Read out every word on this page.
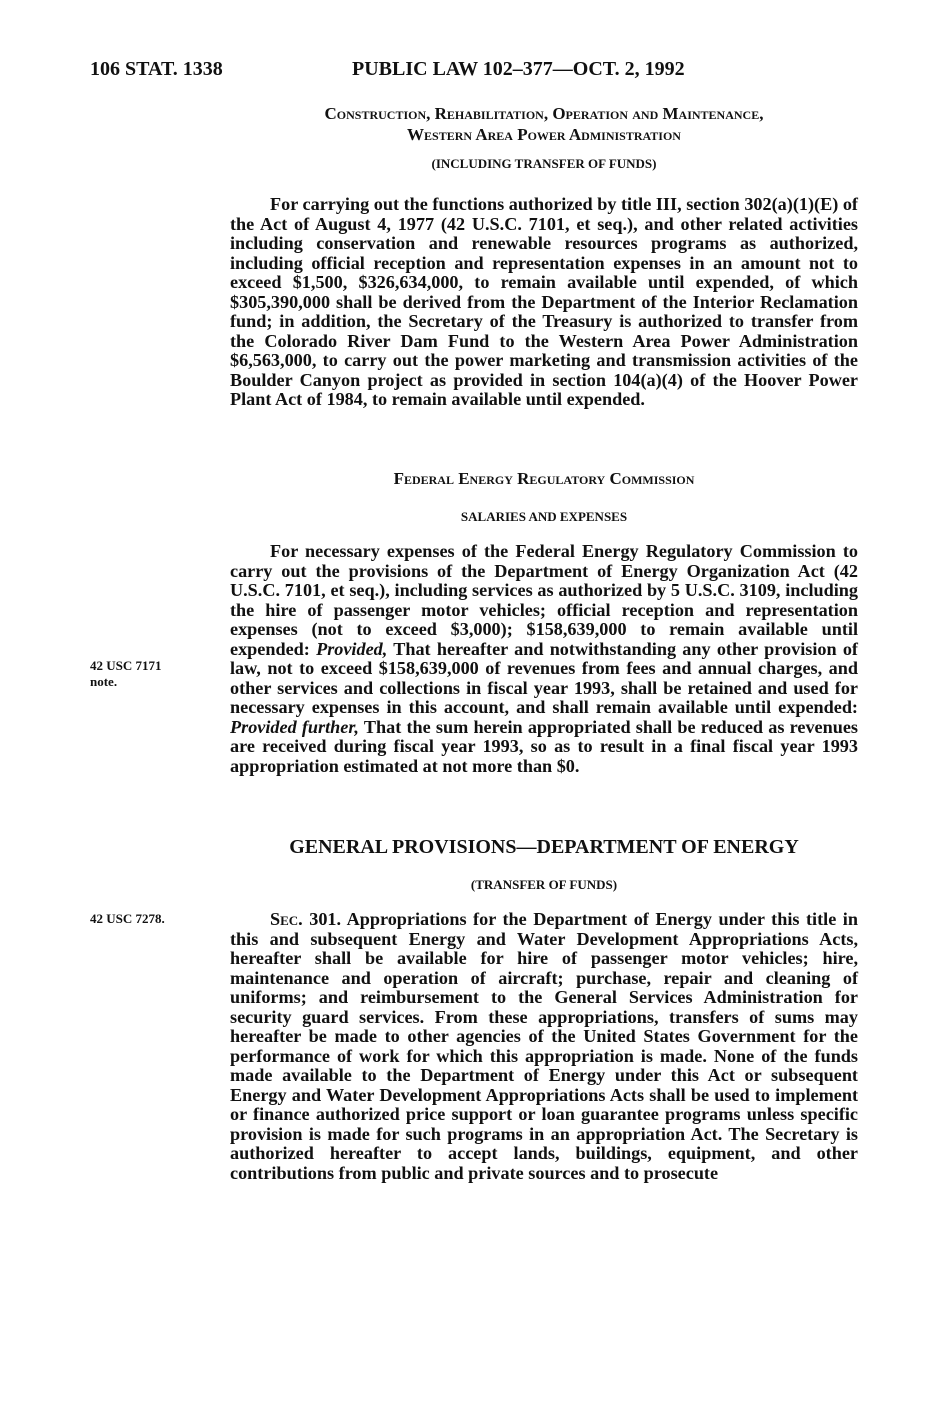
106 STAT. 1338	PUBLIC LAW 102–377—OCT. 2, 1992

Construction, Rehabilitation, Operation and Maintenance,
Western Area Power Administration

(INCLUDING TRANSFER OF FUNDS)

For carrying out the functions authorized by title III, section 302(a)(1)(E) of the Act of August 4, 1977 (42 U.S.C. 7101, et seq.), and other related activities including conservation and renewable resources programs as authorized, including official reception and representation expenses in an amount not to exceed $1,500, $326,634,000, to remain available until expended, of which $305,390,000 shall be derived from the Department of the Interior Reclamation fund; in addition, the Secretary of the Treasury is authorized to transfer from the Colorado River Dam Fund to the Western Area Power Administration $6,563,000, to carry out the power marketing and transmission activities of the Boulder Canyon project as provided in section 104(a)(4) of the Hoover Power Plant Act of 1984, to remain available until expended.

Federal Energy Regulatory Commission

SALARIES AND EXPENSES

For necessary expenses of the Federal Energy Regulatory Commission to carry out the provisions of the Department of Energy Organization Act (42 U.S.C. 7101, et seq.), including services as authorized by 5 U.S.C. 3109, including the hire of passenger motor vehicles; official reception and representation expenses (not to exceed $3,000); $158,639,000 to remain available until expended: Provided, That hereafter and notwithstanding any other provision of law, not to exceed $158,639,000 of revenues from fees and annual charges, and other services and collections in fiscal year 1993, shall be retained and used for necessary expenses in this account, and shall remain available until expended: Provided further, That the sum herein appropriated shall be reduced as revenues are received during fiscal year 1993, so as to result in a final fiscal year 1993 appropriation estimated at not more than $0.

42 USC 7171
note.

GENERAL PROVISIONS—DEPARTMENT OF ENERGY

(TRANSFER OF FUNDS)

Sec. 301. Appropriations for the Department of Energy under this title in this and subsequent Energy and Water Development Appropriations Acts, hereafter shall be available for hire of passenger motor vehicles; hire, maintenance and operation of aircraft; purchase, repair and cleaning of uniforms; and reimbursement to the General Services Administration for security guard services. From these appropriations, transfers of sums may hereafter be made to other agencies of the United States Government for the performance of work for which this appropriation is made. None of the funds made available to the Department of Energy under this Act or subsequent Energy and Water Development Appropriations Acts shall be used to implement or finance authorized price support or loan guarantee programs unless specific provision is made for such programs in an appropriation Act. The Secretary is authorized hereafter to accept lands, buildings, equipment, and other contributions from public and private sources and to prosecute

42 USC 7278.
